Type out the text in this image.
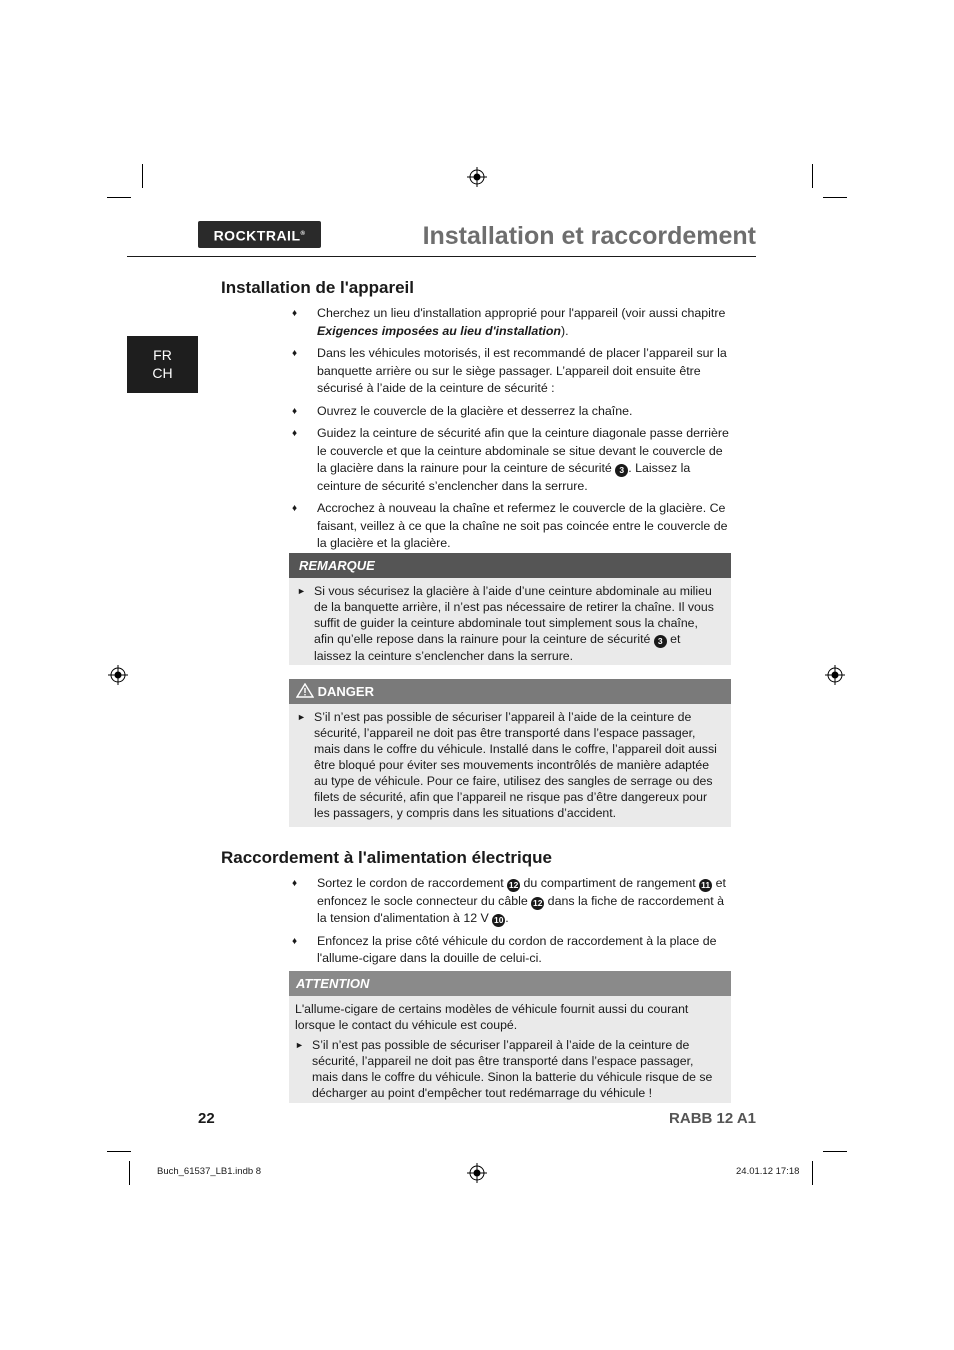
ROCKTRAIL®	Installation et raccordement
FR
CH
Installation de l'appareil
♦ Cherchez un lieu d'installation approprié pour l'appareil (voir aussi chapitre Exigences imposées au lieu d'installation).
♦ Dans les véhicules motorisés, il est recommandé de placer l’appareil sur la banquette arrière ou sur le siège passager. L’appareil doit ensuite être sécurisé à l’aide de la ceinture de sécurité :
♦ Ouvrez le couvercle de la glacière et desserrez la chaîne.
♦ Guidez la ceinture de sécurité afin que la ceinture diagonale passe derrière le couvercle et que la ceinture abdominale se situe devant le couvercle de la glacière dans la rainure pour la ceinture de sécurité 3 . Laissez la ceinture de sécurité s’enclencher dans la serrure.
♦ Accrochez à nouveau la chaîne et refermez le couvercle de la glacière. Ce faisant, veillez à ce que la chaîne ne soit pas coincée entre le couvercle de la glacière et la glacière.
REMARQUE
► Si vous sécurisez la glacière à l’aide d’une ceinture abdominale au milieu de la banquette arrière, il n’est pas nécessaire de retirer la chaîne. Il vous suffit de guider la ceinture abdominale tout simplement sous la chaîne, afin qu’elle repose dans la rainure pour la ceinture de sécurité 3 et laissez la ceinture s’enclencher dans la serrure.
DANGER
► S’il n’est pas possible de sécuriser l’appareil à l’aide de la ceinture de sécurité, l’appareil ne doit pas être transporté dans l’espace passager, mais dans le coffre du véhicule. Installé dans le coffre, l’appareil doit aussi être bloqué pour éviter ses mouvements incontrôlés de manière adaptée au type de véhicule. Pour ce faire, utilisez des sangles de serrage ou des filets de sécurité, afin que l’appareil ne risque pas d’être dangereux pour les passagers, y compris dans les situations d’accident.
Raccordement à l'alimentation électrique
♦ Sortez le cordon de raccordement 12 du compartiment de rangement 11 et enfoncez le socle connecteur du câble 12 dans la fiche de raccordement à la tension d'alimentation à 12 V 10 .
♦ Enfoncez la prise côté véhicule du cordon de raccordement à la place de l'allume-cigare dans la douille de celui-ci.
ATTENTION
L'allume-cigare de certains modèles de véhicule fournit aussi du courant lorsque le contact du véhicule est coupé.
► S’il n’est pas possible de sécuriser l’appareil à l’aide de la ceinture de sécurité, l’appareil ne doit pas être transporté dans l’espace passager, mais dans le coffre du véhicule. Sinon la batterie du véhicule risque de se décharger au point d'empêcher tout redémarrage du véhicule !
22	RABB 12 A1
Buch_61537_LB1.indb 8	24.01.12 17:18
